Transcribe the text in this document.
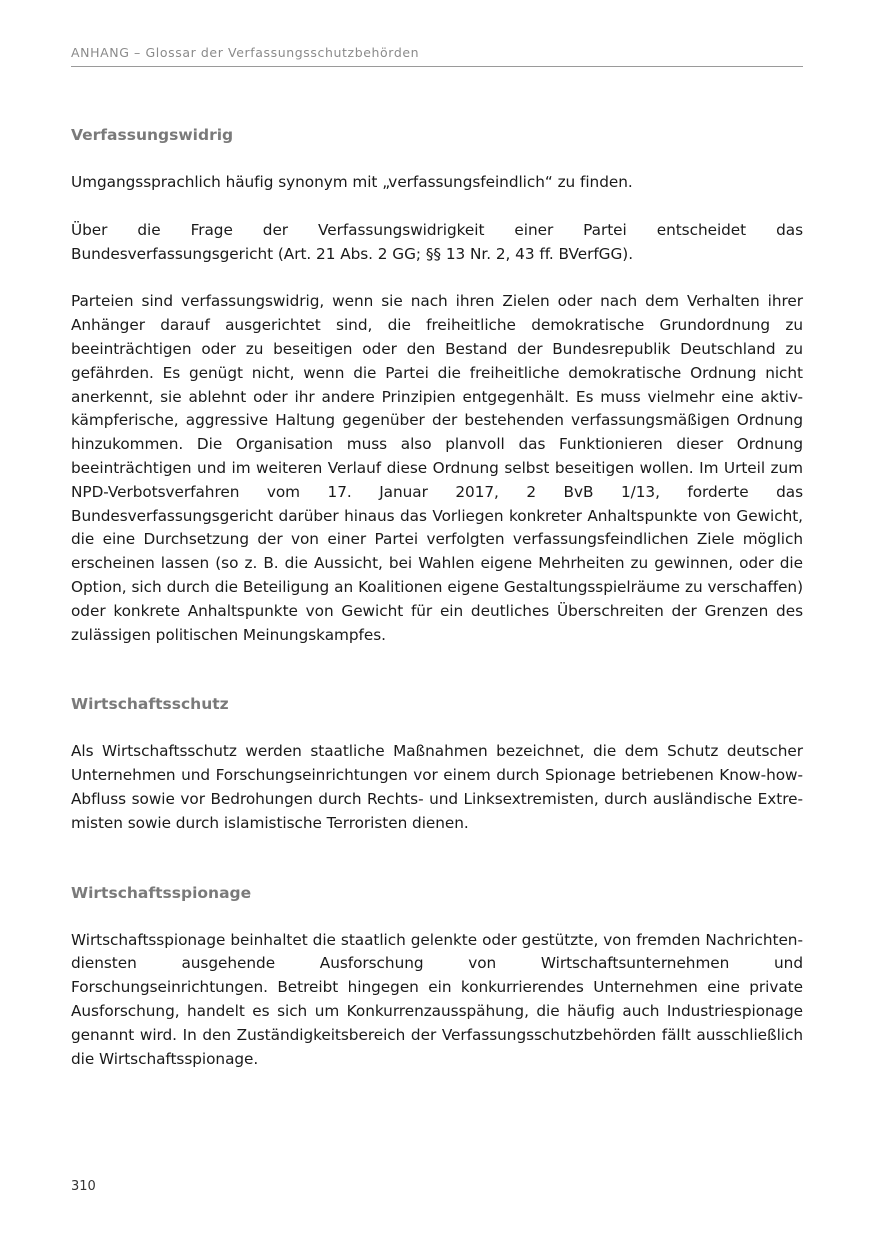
ANHANG – Glossar der Verfassungsschutzbehörden
Verfassungswidrig

Umgangssprachlich häufig synonym mit „verfassungsfeindlich“ zu finden.

Über die Frage der Verfassungswidrigkeit einer Partei entscheidet das Bundesverfassungsgericht (Art. 21 Abs. 2 GG; §§ 13 Nr. 2, 43 ff. BVerfGG).

Parteien sind verfassungswidrig, wenn sie nach ihren Zielen oder nach dem Verhalten ihrer Anhänger darauf ausgerichtet sind, die freiheitliche demokratische Grundordnung zu beeinträchtigen oder zu beseitigen oder den Bestand der Bundesrepublik Deutschland zu gefährden. Es genügt nicht, wenn die Partei die freiheitliche demokratische Ordnung nicht anerkennt, sie ablehnt oder ihr andere Prinzipien entgegenhält. Es muss vielmehr eine aktiv-kämpferische, aggressive Haltung gegenüber der bestehenden verfassungsmäßigen Ordnung hinzukommen. Die Organisation muss also planvoll das Funktionieren dieser Ordnung beeinträchtigen und im weiteren Verlauf diese Ordnung selbst beseitigen wollen. Im Urteil zum NPD-Verbotsverfahren vom 17. Januar 2017, 2 BvB 1/13, forderte das Bundesverfassungsgericht darüber hinaus das Vorliegen konkreter Anhaltspunkte von Gewicht, die eine Durchsetzung der von einer Partei verfolgten verfassungsfeindlichen Ziele möglich erscheinen lassen (so z. B. die Aussicht, bei Wahlen eigene Mehrheiten zu gewinnen, oder die Option, sich durch die Beteiligung an Koalitionen eigene Gestaltungsspielräume zu verschaffen) oder konkrete Anhaltspunkte von Gewicht für ein deutliches Überschreiten der Grenzen des zulässigen politischen Meinungskampfes.

Wirtschaftsschutz

Als Wirtschaftsschutz werden staatliche Maßnahmen bezeichnet, die dem Schutz deutscher Unternehmen und Forschungseinrichtungen vor einem durch Spionage betriebenen Know-how-Abfluss sowie vor Bedrohungen durch Rechts- und Linksextremisten, durch ausländische Extremisten sowie durch islamistische Terroristen dienen.

Wirtschaftsspionage

Wirtschaftsspionage beinhaltet die staatlich gelenkte oder gestützte, von fremden Nachrichtendiensten ausgehende Ausforschung von Wirtschaftsunternehmen und Forschungseinrichtungen. Betreibt hingegen ein konkurrierendes Unternehmen eine private Ausforschung, handelt es sich um Konkurrenzausspähung, die häufig auch Industriespionage genannt wird. In den Zuständigkeitsbereich der Verfassungsschutzbehörden fällt ausschließlich die Wirtschaftsspionage.

310
